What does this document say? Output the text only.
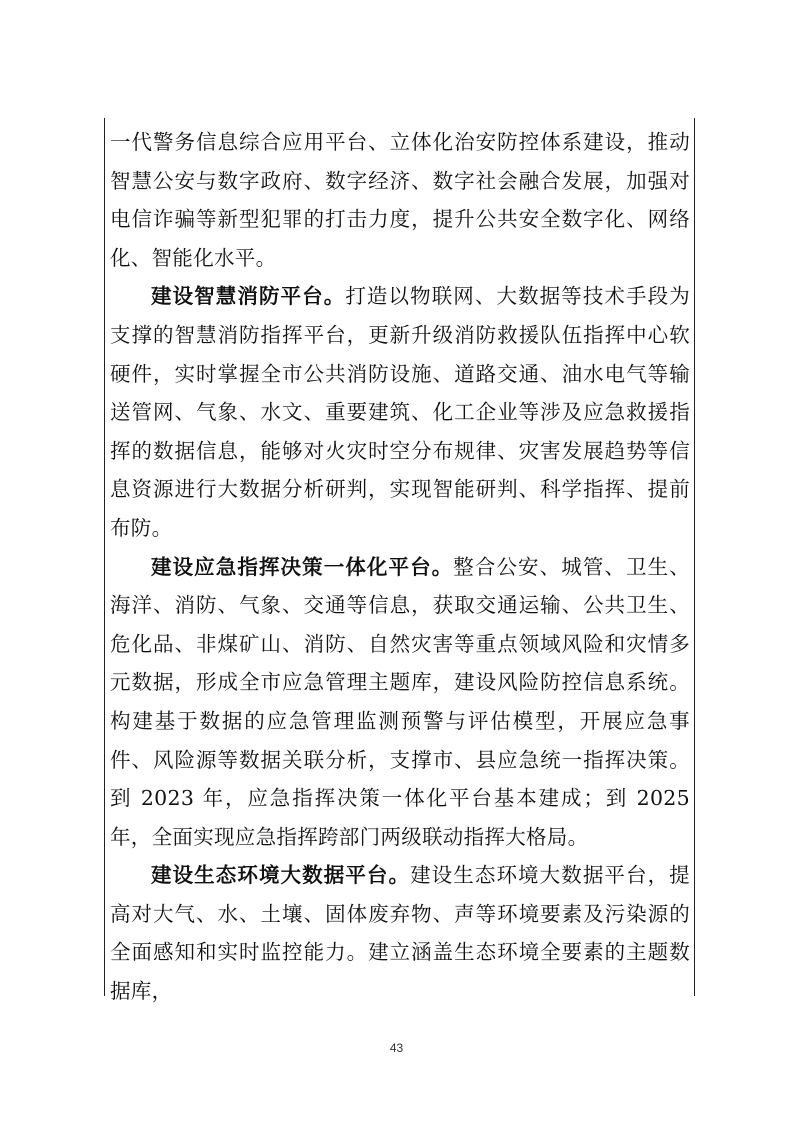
一代警务信息综合应用平台、立体化治安防控体系建设，推动智慧公安与数字政府、数字经济、数字社会融合发展，加强对电信诈骗等新型犯罪的打击力度，提升公共安全数字化、网络化、智能化水平。

建设智慧消防平台。打造以物联网、大数据等技术手段为支撑的智慧消防指挥平台，更新升级消防救援队伍指挥中心软硬件，实时掌握全市公共消防设施、道路交通、油水电气等输送管网、气象、水文、重要建筑、化工企业等涉及应急救援指挥的数据信息，能够对火灾时空分布规律、灾害发展趋势等信息资源进行大数据分析研判，实现智能研判、科学指挥、提前布防。

建设应急指挥决策一体化平台。整合公安、城管、卫生、海洋、消防、气象、交通等信息，获取交通运输、公共卫生、危化品、非煤矿山、消防、自然灾害等重点领域风险和灾情多元数据，形成全市应急管理主题库，建设风险防控信息系统。构建基于数据的应急管理监测预警与评估模型，开展应急事件、风险源等数据关联分析，支撑市、县应急统一指挥决策。到 2023 年，应急指挥决策一体化平台基本建成；到 2025 年，全面实现应急指挥跨部门两级联动指挥大格局。

建设生态环境大数据平台。建设生态环境大数据平台，提高对大气、水、土壤、固体废弃物、声等环境要素及污染源的全面感知和实时监控能力。建立涵盖生态环境全要素的主题数据库，

43
